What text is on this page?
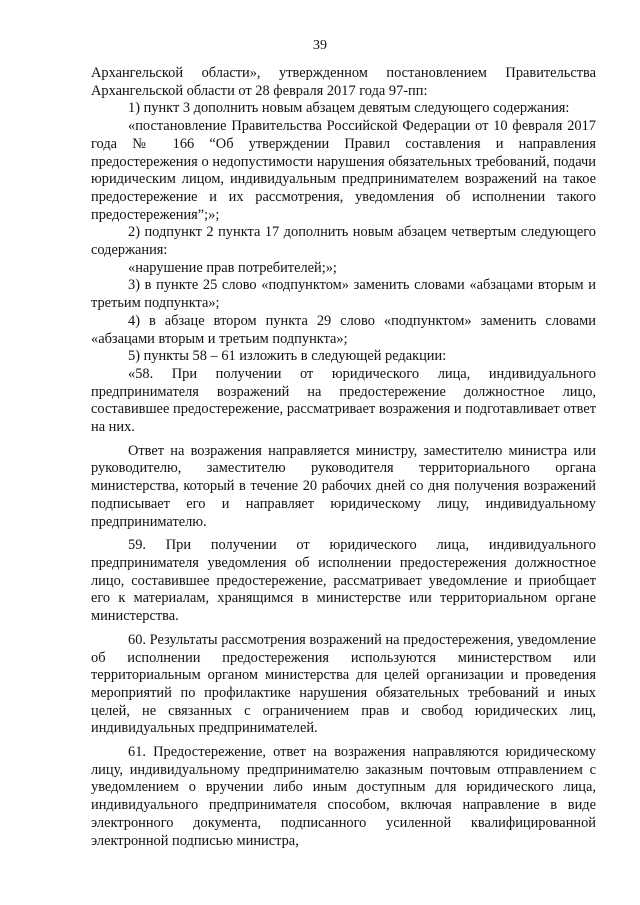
39

Архангельской области», утвержденном постановлением Правительства Архангельской области от 28 февраля 2017 года 97-пп:

1) пункт 3 дополнить новым абзацем девятым следующего содержания:

«постановление Правительства Российской Федерации от 10 февраля 2017 года № 166 “Об утверждении Правил составления и направления предостережения о недопустимости нарушения обязательных требований, подачи юридическим лицом, индивидуальным предпринимателем возражений на такое предостережение и их рассмотрения, уведомления об исполнении такого предостережения”;»;

2) подпункт 2 пункта 17 дополнить новым абзацем четвертым следующего содержания:

«нарушение прав потребителей;»;

3) в пункте 25 слово «подпунктом» заменить словами «абзацами вторым и третьим подпункта»;

4) в абзаце втором пункта 29 слово «подпунктом» заменить словами «абзацами вторым и третьим подпункта»;

5) пункты 58 – 61 изложить в следующей редакции:

«58. При получении от юридического лица, индивидуального предпринимателя возражений на предостережение должностное лицо, составившее предостережение, рассматривает возражения и подготавливает ответ на них.

Ответ на возражения направляется министру, заместителю министра или руководителю, заместителю руководителя территориального органа министерства, который в течение 20 рабочих дней со дня получения возражений подписывает его и направляет юридическому лицу, индивидуальному предпринимателю.

59. При получении от юридического лица, индивидуального предпринимателя уведомления об исполнении предостережения должностное лицо, составившее предостережение, рассматривает уведомление и приобщает его к материалам, хранящимся в министерстве или территориальном органе министерства.

60. Результаты рассмотрения возражений на предостережения, уведомление об исполнении предостережения используются министерством или территориальным органом министерства для целей организации и проведения мероприятий по профилактике нарушения обязательных требований и иных целей, не связанных с ограничением прав и свобод юридических лиц, индивидуальных предпринимателей.

61. Предостережение, ответ на возражения направляются юридическому лицу, индивидуальному предпринимателю заказным почтовым отправлением с уведомлением о вручении либо иным доступным для юридического лица, индивидуального предпринимателя способом, включая направление в виде электронного документа, подписанного усиленной квалифицированной электронной подписью министра,
